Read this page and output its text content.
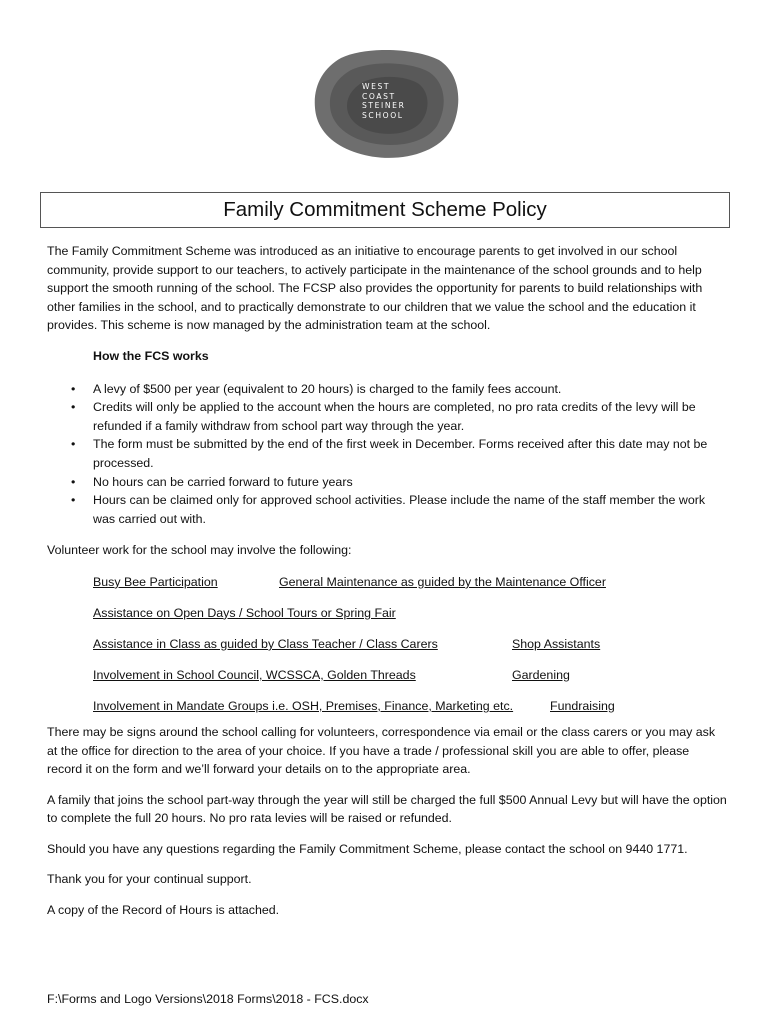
WEST
COAST
STEINER
SCHOOL
Family Commitment Scheme Policy

The Family Commitment Scheme was introduced as an initiative to encourage parents to get involved in our school community, provide support to our teachers, to actively participate in the maintenance of the school grounds and to help support the smooth running of the school. The FCSP also provides the opportunity for parents to build relationships with other families in the school, and to practically demonstrate to our children that we value the school and the education it provides. This scheme is now managed by the administration team at the school.

How the FCS works

• A levy of $500 per year (equivalent to 20 hours) is charged to the family fees account.
• Credits will only be applied to the account when the hours are completed, no pro rata credits of the levy will be refunded if a family withdraw from school part way through the year.
• The form must be submitted by the end of the first week in December. Forms received after this date may not be processed.
• No hours can be carried forward to future years
• Hours can be claimed only for approved school activities. Please include the name of the staff member the work was carried out with.

Volunteer work for the school may involve the following:

Busy Bee Participation	General Maintenance as guided by the Maintenance Officer
Assistance on Open Days / School Tours or Spring Fair
Assistance in Class as guided by Class Teacher / Class Carers	Shop Assistants
Involvement in School Council, WCSSCA, Golden Threads	Gardening
Involvement in Mandate Groups i.e. OSH, Premises, Finance, Marketing etc.	Fundraising

There may be signs around the school calling for volunteers, correspondence via email or the class carers or you may ask at the office for direction to the area of your choice. If you have a trade / professional skill you are able to offer, please record it on the form and we’ll forward your details on to the appropriate area.

A family that joins the school part-way through the year will still be charged the full $500 Annual Levy but will have the option to complete the full 20 hours. No pro rata levies will be raised or refunded.

Should you have any questions regarding the Family Commitment Scheme, please contact the school on 9440 1771.

Thank you for your continual support.

A copy of the Record of Hours is attached.

F:\Forms and Logo Versions\2018 Forms\2018 - FCS.docx
